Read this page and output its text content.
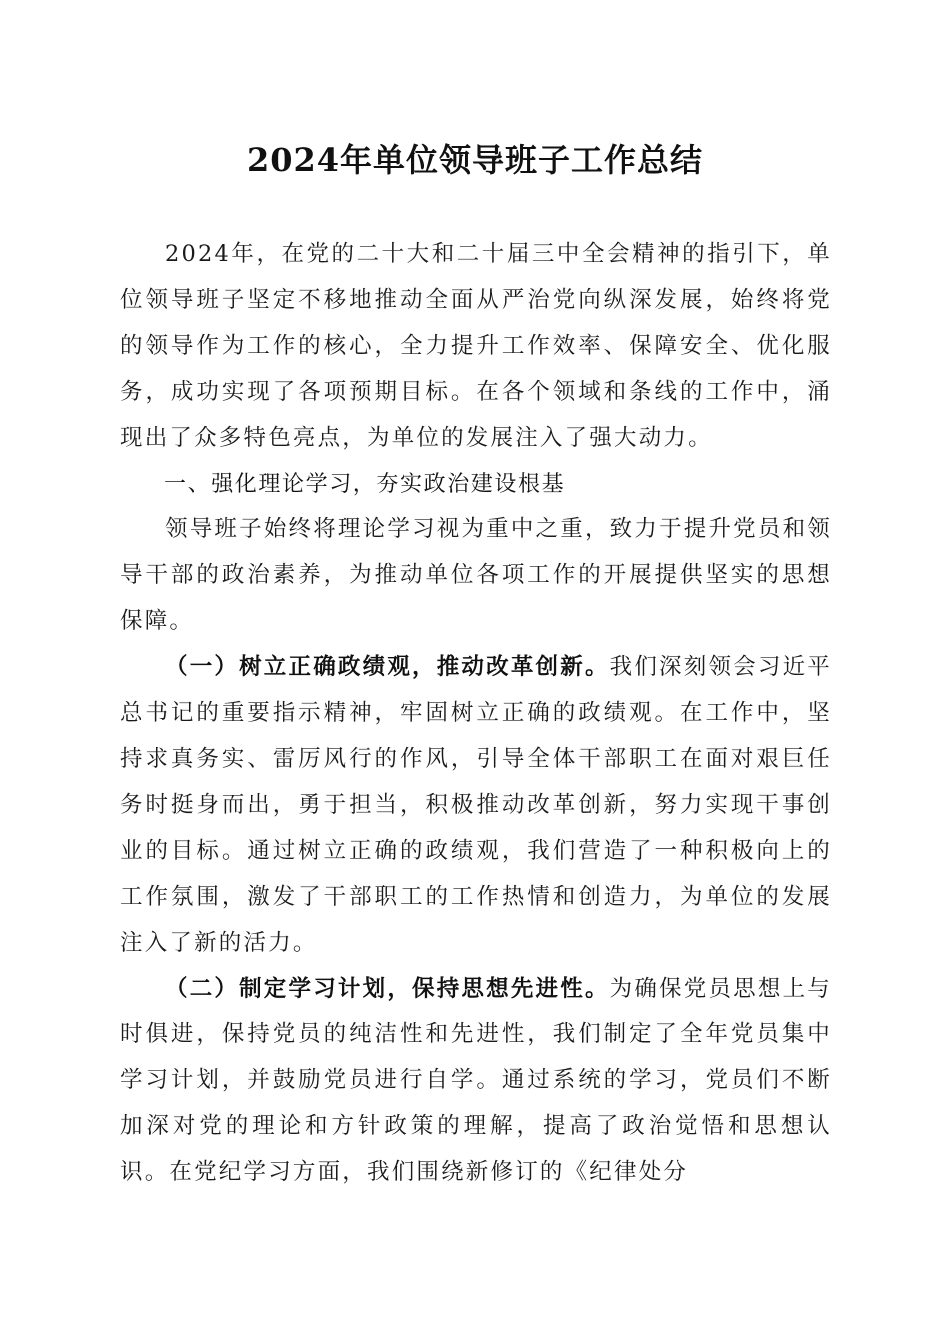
2024年单位领导班子工作总结

2024年，在党的二十大和二十届三中全会精神的指引下，单位领导班子坚定不移地推动全面从严治党向纵深发展，始终将党的领导作为工作的核心，全力提升工作效率、保障安全、优化服务，成功实现了各项预期目标。在各个领域和条线的工作中，涌现出了众多特色亮点，为单位的发展注入了强大动力。

一、强化理论学习，夯实政治建设根基

领导班子始终将理论学习视为重中之重，致力于提升党员和领导干部的政治素养，为推动单位各项工作的开展提供坚实的思想保障。

（一）树立正确政绩观，推动改革创新。我们深刻领会习近平总书记的重要指示精神，牢固树立正确的政绩观。在工作中，坚持求真务实、雷厉风行的作风，引导全体干部职工在面对艰巨任务时挺身而出，勇于担当，积极推动改革创新，努力实现干事创业的目标。通过树立正确的政绩观，我们营造了一种积极向上的工作氛围，激发了干部职工的工作热情和创造力，为单位的发展注入了新的活力。

（二）制定学习计划，保持思想先进性。为确保党员思想上与时俱进，保持党员的纯洁性和先进性，我们制定了全年党员集中学习计划，并鼓励党员进行自学。通过系统的学习，党员们不断加深对党的理论和方针政策的理解，提高了政治觉悟和思想认识。在党纪学习方面，我们围绕新修订的《纪律处分
